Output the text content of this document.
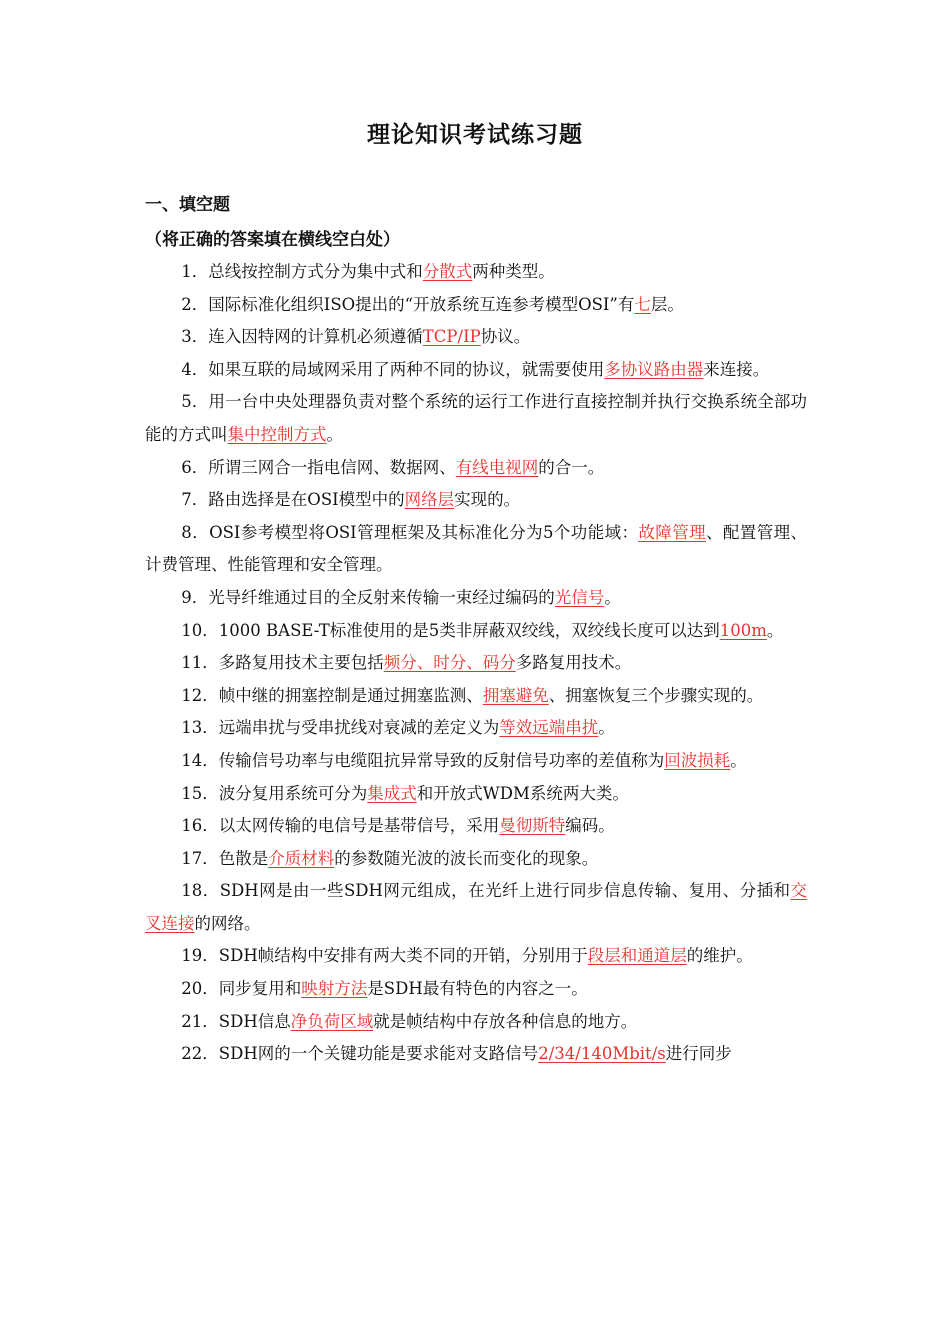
理论知识考试练习题
一、填空题
（将正确的答案填在横线空白处）

1．总线按控制方式分为集中式和分散式两种类型。

2．国际标准化组织ISO提出的“开放系统互连参考模型OSI”有七层。

3．连入因特网的计算机必须遵循TCP/IP协议。

4．如果互联的局域网采用了两种不同的协议，就需要使用多协议路由器来连接。

5．用一台中央处理器负责对整个系统的运行工作进行直接控制并执行交换系统全部功能的方式叫集中控制方式。

6．所谓三网合一指电信网、数据网、有线电视网的合一。

7．路由选择是在OSI模型中的网络层实现的。

8．OSI参考模型将OSI管理框架及其标准化分为5个功能域：故障管理、配置管理、计费管理、性能管理和安全管理。

9．光导纤维通过目的全反射来传输一束经过编码的光信号。

10．1000 BASE-T标准使用的是5类非屏蔽双绞线，双绞线长度可以达到100m。

11．多路复用技术主要包括频分、时分、码分多路复用技术。

12．帧中继的拥塞控制是通过拥塞监测、拥塞避免、拥塞恢复三个步骤实现的。

13．远端串扰与受串扰线对衰减的差定义为等效远端串扰。

14．传输信号功率与电缆阻抗异常导致的反射信号功率的差值称为回波损耗。

15．波分复用系统可分为集成式和开放式WDM系统两大类。

16．以太网传输的电信号是基带信号，采用曼彻斯特编码。

17．色散是介质材料的参数随光波的波长而变化的现象。

18．SDH网是由一些SDH网元组成，在光纤上进行同步信息传输、复用、分插和交叉连接的网络。

19．SDH帧结构中安排有两大类不同的开销，分别用于段层和通道层的维护。

20．同步复用和映射方法是SDH最有特色的内容之一。

21．SDH信息净负荷区域就是帧结构中存放各种信息的地方。

22．SDH网的一个关键功能是要求能对支路信号2/34/140Mbit/s进行同步
